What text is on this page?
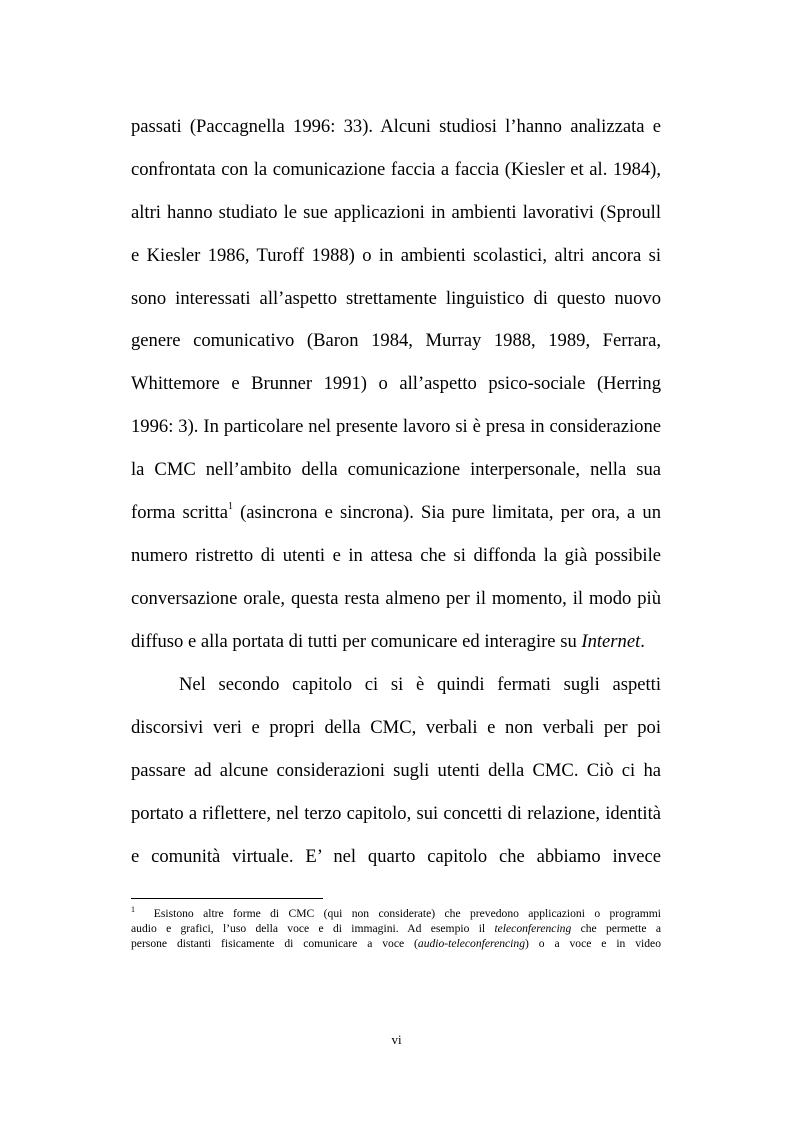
passati (Paccagnella 1996: 33). Alcuni studiosi l’hanno analizzata e
confrontata con la comunicazione faccia a faccia (Kiesler et al. 1984),
altri hanno studiato le sue applicazioni in ambienti lavorativi (Sproull
e Kiesler 1986, Turoff 1988) o in ambienti scolastici, altri ancora si
sono interessati all’aspetto strettamente linguistico di questo nuovo
genere comunicativo (Baron 1984, Murray 1988, 1989, Ferrara,
Whittemore e Brunner 1991) o all’aspetto psico-sociale (Herring
1996: 3). In particolare nel presente lavoro si è presa in considerazione
la CMC nell’ambito della comunicazione interpersonale, nella sua
forma scritta$^1$ (asincrona e sincrona). Sia pure limitata, per ora, a un
numero ristretto di utenti e in attesa che si diffonda la già possibile
conversazione orale, questa resta almeno per il momento, il modo più
diffuso e alla portata di tutti per comunicare ed interagire su Internet.
Nel secondo capitolo ci si è quindi fermati sugli aspetti
discorsivi veri e propri della CMC, verbali e non verbali per poi
passare ad alcune considerazioni sugli utenti della CMC. Ciò ci ha
portato a riflettere, nel terzo capitolo, sui concetti di relazione, identità
e comunità virtuale. E’ nel quarto capitolo che abbiamo invece
$^1$ Esistono altre forme di CMC (qui non considerate) che prevedono applicazioni o programmi
audio e grafici, l’uso della voce e di immagini. Ad esempio il teleconferencing che permette a
persone distanti fisicamente di comunicare a voce (audio-teleconferencing) o a voce e in video
vi
